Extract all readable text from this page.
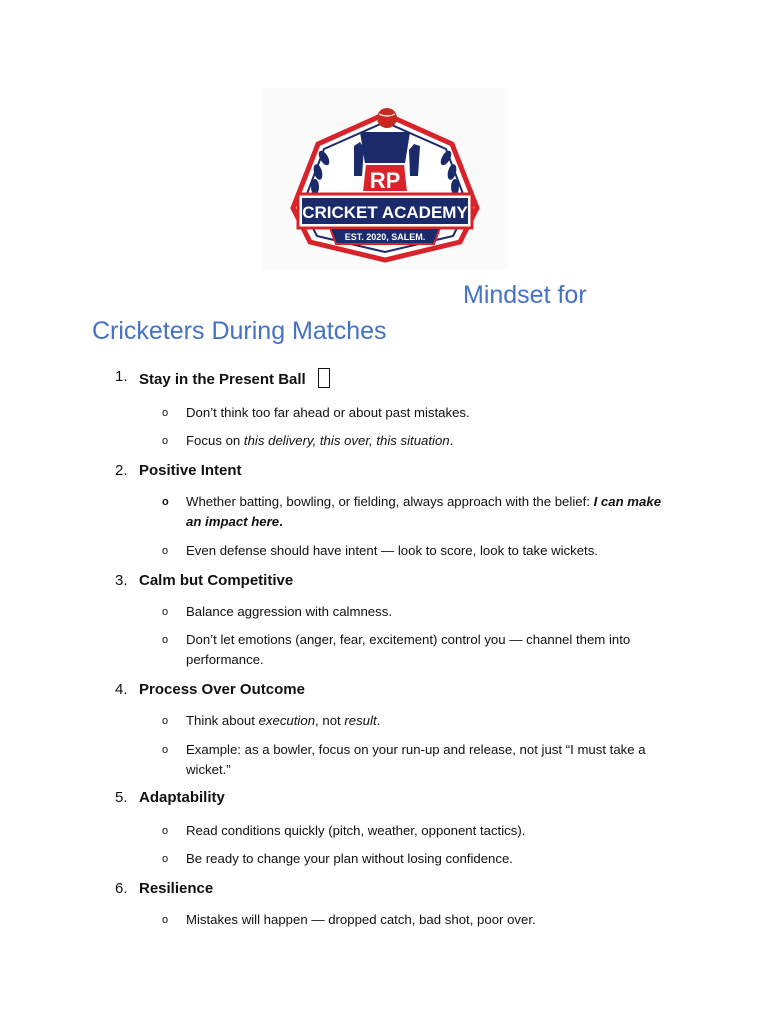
RP
CRICKET ACADEMY
EST. 2020, SALEM.
Mindset for
Cricketers During Matches
1. Stay in the Present Ball
o Don’t think too far ahead or about past mistakes.
o Focus on this delivery, this over, this situation.
2. Positive Intent
o Whether batting, bowling, or fielding, always approach with the belief: I can make an impact here.
o Even defense should have intent — look to score, look to take wickets.
3. Calm but Competitive
o Balance aggression with calmness.
o Don’t let emotions (anger, fear, excitement) control you — channel them into performance.
4. Process Over Outcome
o Think about execution, not result.
o Example: as a bowler, focus on your run-up and release, not just “I must take a wicket.”
5. Adaptability
o Read conditions quickly (pitch, weather, opponent tactics).
o Be ready to change your plan without losing confidence.
6. Resilience
o Mistakes will happen — dropped catch, bad shot, poor over.
